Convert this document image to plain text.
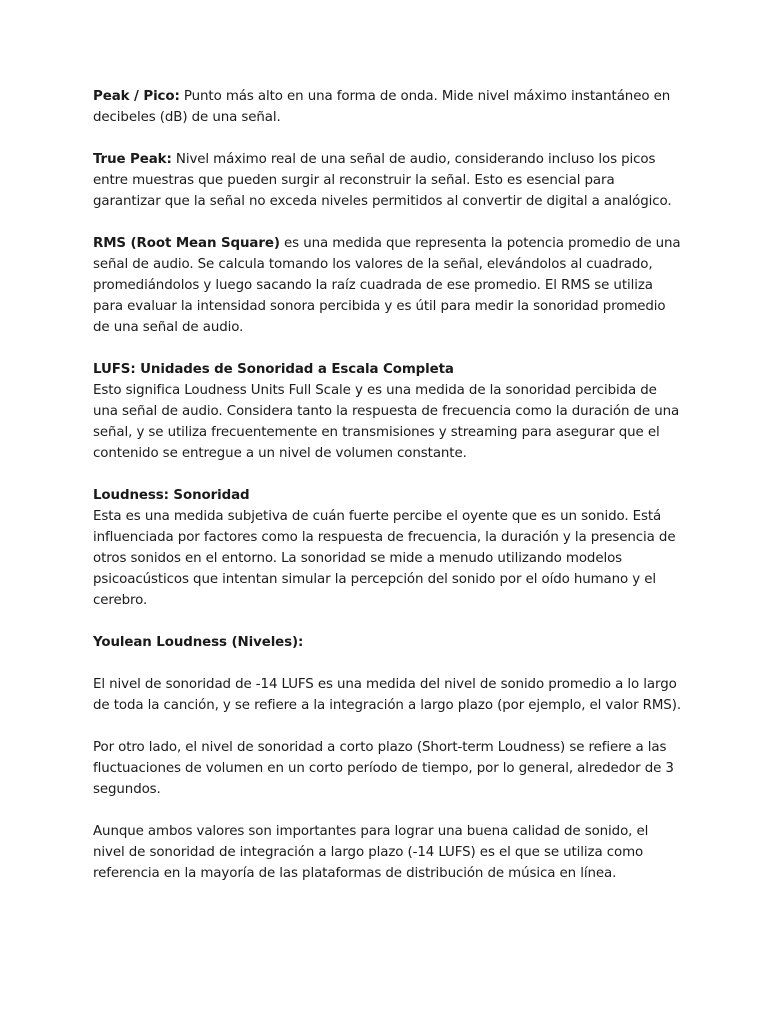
Peak / Pico: Punto más alto en una forma de onda. Mide nivel máximo instantáneo en decibeles (dB) de una señal.

True Peak: Nivel máximo real de una señal de audio, considerando incluso los picos entre muestras que pueden surgir al reconstruir la señal. Esto es esencial para garantizar que la señal no exceda niveles permitidos al convertir de digital a analógico.

RMS (Root Mean Square) es una medida que representa la potencia promedio de una señal de audio. Se calcula tomando los valores de la señal, elevándolos al cuadrado, promediándolos y luego sacando la raíz cuadrada de ese promedio. El RMS se utiliza para evaluar la intensidad sonora percibida y es útil para medir la sonoridad promedio de una señal de audio.

LUFS: Unidades de Sonoridad a Escala Completa
Esto significa Loudness Units Full Scale y es una medida de la sonoridad percibida de una señal de audio. Considera tanto la respuesta de frecuencia como la duración de una señal, y se utiliza frecuentemente en transmisiones y streaming para asegurar que el contenido se entregue a un nivel de volumen constante.

Loudness: Sonoridad
Esta es una medida subjetiva de cuán fuerte percibe el oyente que es un sonido. Está influenciada por factores como la respuesta de frecuencia, la duración y la presencia de otros sonidos en el entorno. La sonoridad se mide a menudo utilizando modelos psicoacústicos que intentan simular la percepción del sonido por el oído humano y el cerebro.

Youlean Loudness (Niveles):

El nivel de sonoridad de -14 LUFS es una medida del nivel de sonido promedio a lo largo de toda la canción, y se refiere a la integración a largo plazo (por ejemplo, el valor RMS).

Por otro lado, el nivel de sonoridad a corto plazo (Short-term Loudness) se refiere a las fluctuaciones de volumen en un corto período de tiempo, por lo general, alrededor de 3 segundos.

Aunque ambos valores son importantes para lograr una buena calidad de sonido, el nivel de sonoridad de integración a largo plazo (-14 LUFS) es el que se utiliza como referencia en la mayoría de las plataformas de distribución de música en línea.
